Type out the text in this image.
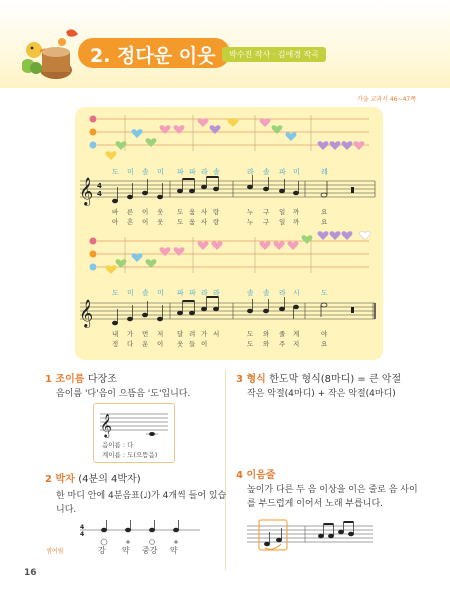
2. 정다운 이웃	박수진 작사 · 김애경 작곡
가을 교과서 46~47쪽
도 미 솔 미 파 파 라 솔	라 솔 파 미	레
𝄞 4
4
바 른 이 웃 도 움 사 랑	누 구 일 까	요
아 흔 이 웃 도 움 사 랑	누 구 일 까	요
도 미 솔 미 파 파 라 라	솔 솔 라 시	도
𝄞
내 가 먼 저 달 려 가 서	도 와 줄 게	야
정 다 운 이 웃 들 이	도 와 주 지	요
1 조이름 다장조
음이름 '다'음이 으뜸음 '도'입니다.
𝄞
음이름 : 다
계이름 : 도(으뜸음)
2 박자 (4분의 4박자)
한 마디 안에 4분음표(♩)가 4개씩 들어 있습
니다.
4
4
셈여림	강 약 중강 약
3 형식 한도막 형식(8마디) = 큰 악절
작은 악절(4마디) + 작은 악절(4마디)
4 이음줄
높이가 다른 두 음 이상을 이은 줄로 음 사이
를 부드럽게 이어서 노래 부릅니다.
16
